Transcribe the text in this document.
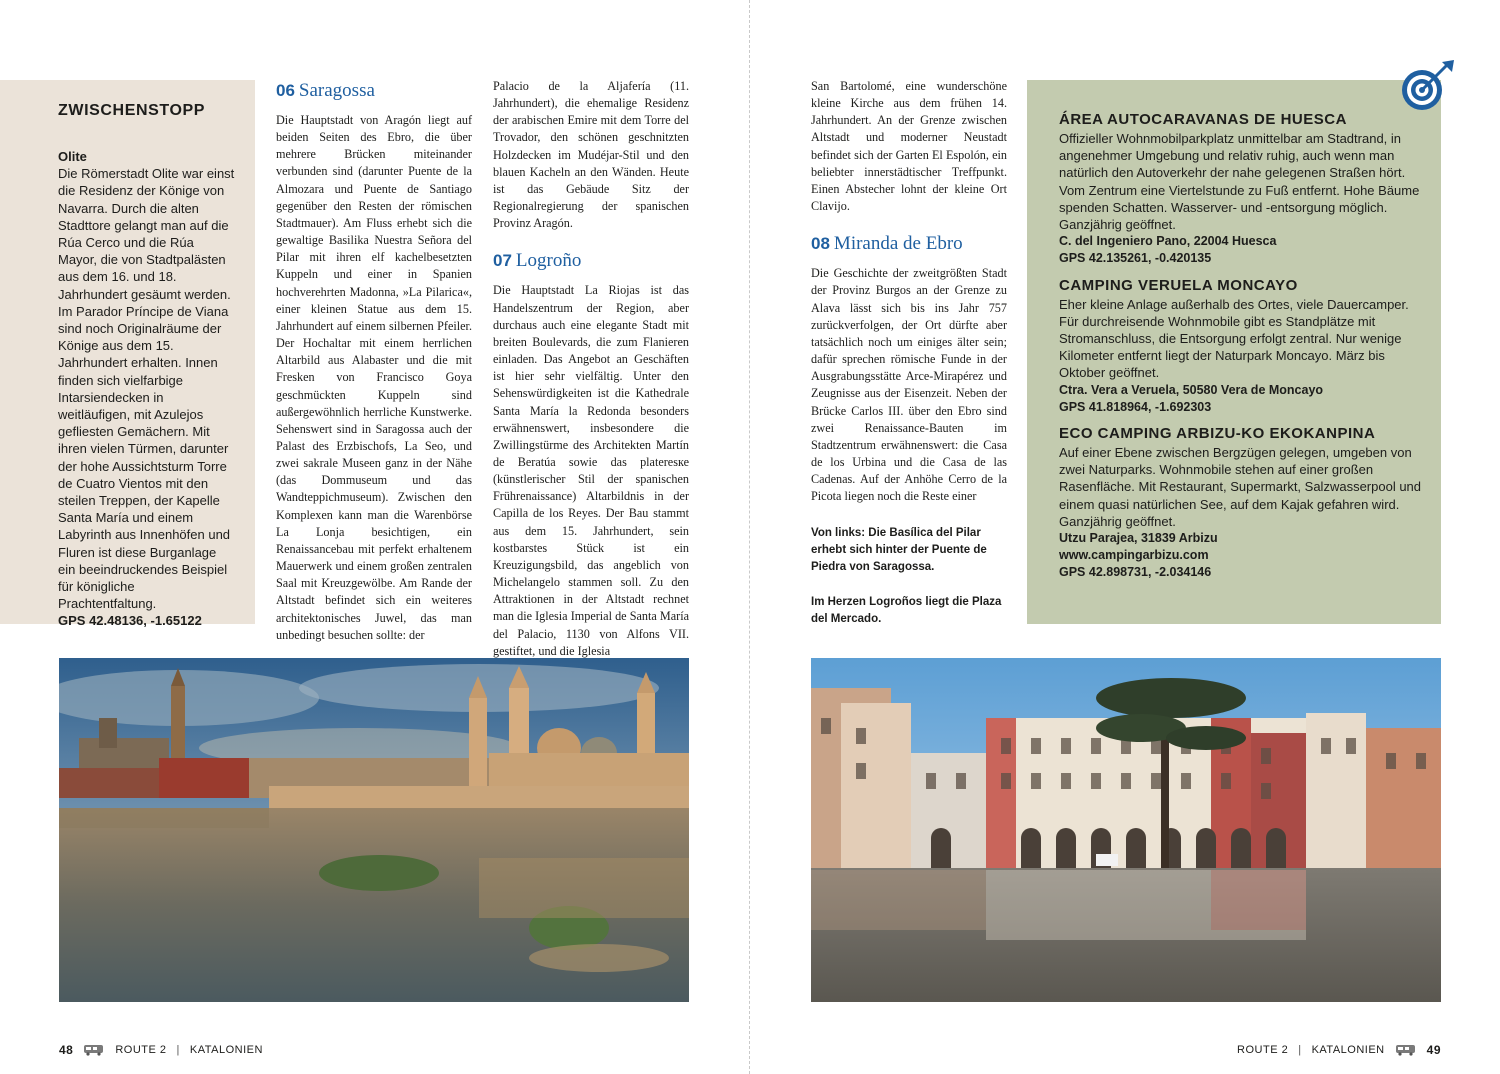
ZWISCHENSTOPP
Olite

Die Römerstadt Olite war einst die Residenz der Könige von Navarra. Durch die alten Stadttore gelangt man auf die Rúa Cerco und die Rúa Mayor, die von Stadtpalästen aus dem 16. und 18. Jahrhundert gesäumt werden. Im Parador Príncipe de Viana sind noch Originalräume der Könige aus dem 15. Jahrhundert erhalten. Innen finden sich vielfarbige Intarsiendecken in weitläufigen, mit Azulejos gefliesten Gemächern. Mit ihren vielen Türmen, darunter der hohe Aussichtsturm Torre de Cuatro Vientos mit den steilen Treppen, der Kapelle Santa María und einem Labyrinth aus Innenhöfen und Fluren ist diese Burganlage ein beeindruckendes Beispiel für königliche Prachtentfaltung.

GPS 42.48136, -1.65122
06 Saragossa

Die Hauptstadt von Aragón liegt auf beiden Seiten des Ebro, die über mehrere Brücken miteinander verbunden sind (darunter Puente de la Almozara und Puente de Santiago gegenüber den Resten der römischen Stadtmauer). Am Fluss erhebt sich die gewaltige Basilika Nuestra Señora del Pilar mit ihren elf kachelbesetzten Kuppeln und einer in Spanien hochverehrten Madonna, »La Pilarica«, einer kleinen Statue aus dem 15. Jahrhundert auf einem silbernen Pfeiler. Der Hochaltar mit einem herrlichen Altarbild aus Alabaster und die mit Fresken von Francisco Goya geschmückten Kuppeln sind außergewöhnlich herrliche Kunstwerke. Sehenswert sind in Saragossa auch der Palast des Erzbischofs, La Seo, und zwei sakrale Museen ganz in der Nähe (das Dommuseum und das Wandteppichmuseum). Zwischen den Komplexen kann man die Warenbörse La Lonja besichtigen, ein Renaissancebau mit perfekt erhaltenem Mauerwerk und einem großen zentralen Saal mit Kreuzgewölbe. Am Rande der Altstadt befindet sich ein weiteres architektonisches Juwel, das man unbedingt besuchen sollte: der

Palacio de la Aljafería (11. Jahrhundert), die ehemalige Residenz der arabischen Emire mit dem Torre del Trovador, den schönen geschnitzten Holzdecken im Mudéjar-Stil und den blauen Kacheln an den Wänden. Heute ist das Gebäude Sitz der Regionalregierung der spanischen Provinz Aragón.

07 Logroño

Die Hauptstadt La Riojas ist das Handelszentrum der Region, aber durchaus auch eine elegante Stadt mit breiten Boulevards, die zum Flanieren einladen. Das Angebot an Geschäften ist hier sehr vielfältig. Unter den Sehenswürdigkeiten ist die Kathedrale Santa María la Redonda besonders erwähnenswert, insbesondere die Zwillingstürme des Architekten Martín de Beratúa sowie das plateresке (künstlerischer Stil der spanischen Frührenaissance) Altarbildnis in der Capilla de los Reyes. Der Bau stammt aus dem 15. Jahrhundert, sein kostbarstes Stück ist ein Kreuzigungsbild, das angeblich von Michelangelo stammen soll. Zu den Attraktionen in der Altstadt rechnet man die Iglesia Imperial de Santa María del Palacio, 1130 von Alfons VII. gestiftet, und die Iglesia

San Bartolomé, eine wunderschöne kleine Kirche aus dem frühen 14. Jahrhundert. An der Grenze zwischen Altstadt und moderner Neustadt befindet sich der Garten El Espolón, ein beliebter innerstädtischer Treffpunkt. Einen Abstecher lohnt der kleine Ort Clavijo.

08 Miranda de Ebro

Die Geschichte der zweitgrößten Stadt der Provinz Burgos an der Grenze zu Alava lässt sich bis ins Jahr 757 zurückverfolgen, der Ort dürfte aber tatsächlich noch um einiges älter sein; dafür sprechen römische Funde in der Ausgrabungsstätte Arce-Mirapérez und Zeugnisse aus der Eisenzeit. Neben der Brücke Carlos III. über den Ebro sind zwei Renaissance-Bauten im Stadtzentrum erwähnenswert: die Casa de los Urbina und die Casa de las Cadenas. Auf der Anhöhe Cerro de la Picota liegen noch die Reste einer

Von links: Die Basílica del Pilar erhebt sich hinter der Puente de Piedra von Saragossa.

Im Herzen Logroños liegt die Plaza del Mercado.

ÁREA AUTOCARAVANAS DE HUESCA

Offizieller Wohnmobilparkplatz unmittelbar am Stadtrand, in angenehmer Umgebung und relativ ruhig, auch wenn man natürlich den Autoverkehr der nahe gelegenen Straßen hört. Vom Zentrum eine Viertelstunde zu Fuß entfernt. Hohe Bäume spenden Schatten. Wasserver- und -entsorgung möglich. Ganzjährig geöffnet.

C. del Ingeniero Pano, 22004 Huesca
GPS 42.135261, -0.420135
CAMPING VERUELA MONCAYO

Eher kleine Anlage außerhalb des Ortes, viele Dauercamper. Für durchreisende Wohnmobile gibt es Standplätze mit Stromanschluss, die Entsorgung erfolgt zentral. Nur wenige Kilometer entfernt liegt der Naturpark Moncayo. März bis Oktober geöffnet.

Ctra. Vera a Veruela, 50580 Vera de Moncayo
GPS 41.818964, -1.692303
ECO CAMPING ARBIZU-KO EKOKANPINA

Auf einer Ebene zwischen Bergzügen gelegen, umgeben von zwei Naturparks. Wohnmobile stehen auf einer großen Rasenfläche. Mit Restaurant, Supermarkt, Salzwasserpool und einem quasi natürlichen See, auf dem Kajak gefahren wird. Ganzjährig geöffnet.

Utzu Parajea, 31839 Arbizu
www.campingarbizu.com
GPS 42.898731, -2.034146
48	ROUTE 2 | KATALONIEN	ROUTE 2 | KATALONIEN	49
